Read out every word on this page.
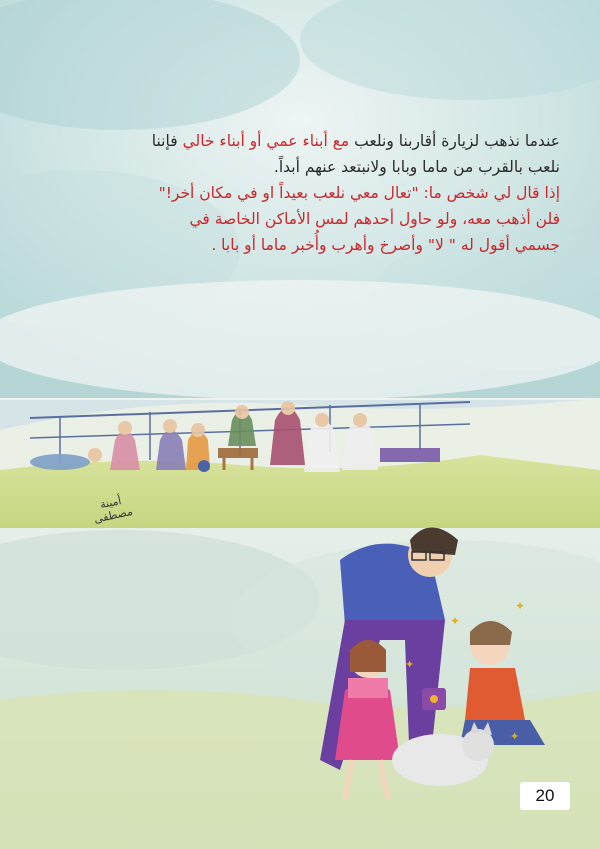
✦
✦
✦
✦
أمينة مصطفى
عندما نذهب لزيارة أقاربنا ونلعب مع أبناء عمي أو أبناء خالي فإننا
نلعب بالقرب من ماما وبابا ولانبتعد عنهم أبداً.
إذا قال لي شخص ما: "تعال معي نلعب بعيداً او في مكان أخر!"
فلن أذهب معه، ولو حاول أحدهم لمس الأماكن الخاصة في
جسمي أقول له " لا" وأصرخ وأهرب وأُخبر ماما أو بابا .
20
